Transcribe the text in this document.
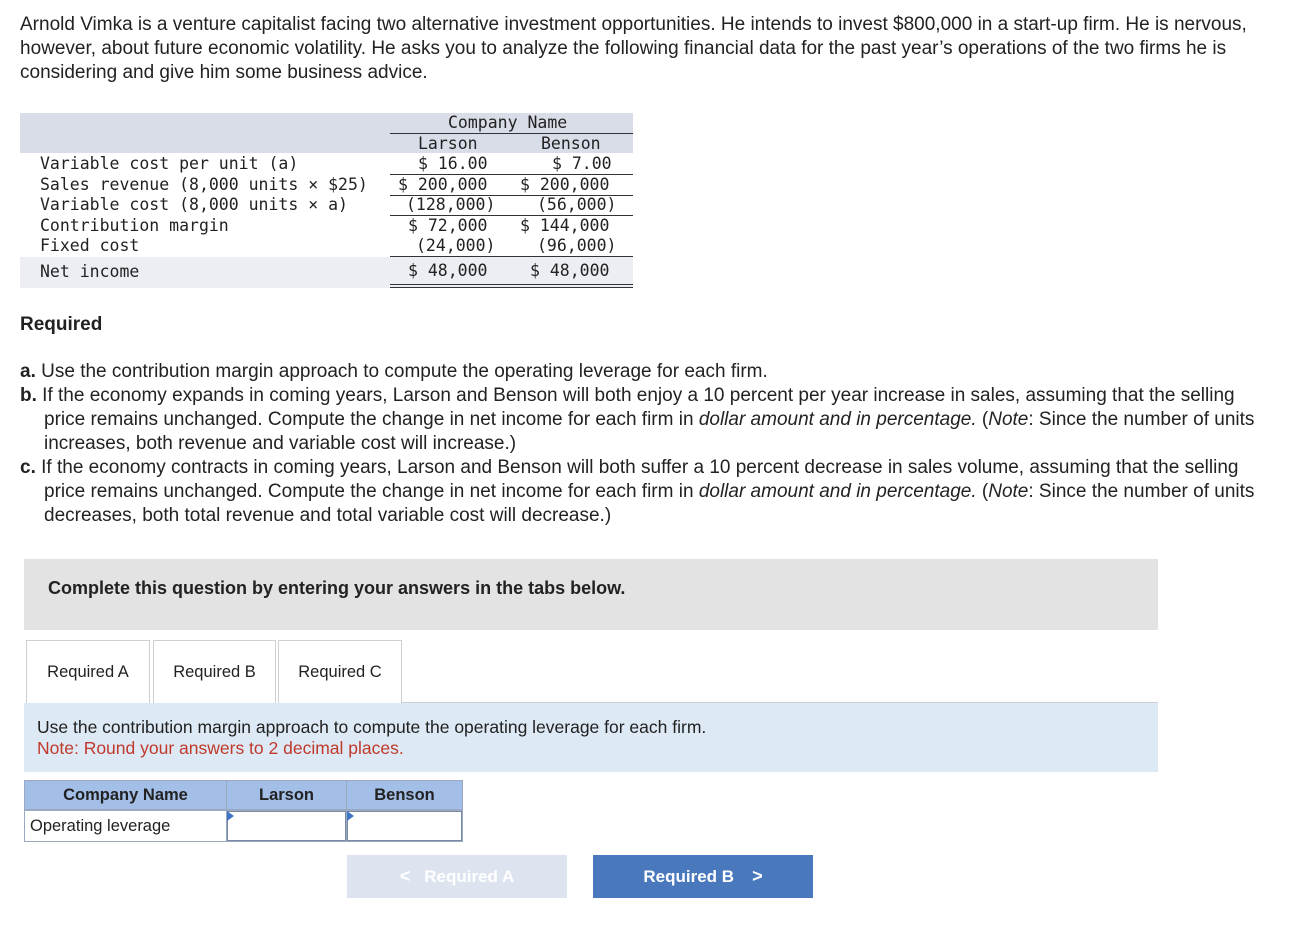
Arnold Vimka is a venture capitalist facing two alternative investment opportunities. He intends to invest $800,000 in a start-up firm. He is nervous, however, about future economic volatility. He asks you to analyze the following financial data for the past year’s operations of the two firms he is considering and give him some business advice.
Company Name
Larson	Benson
Variable cost per unit (a)	$ 16.00	$ 7.00
Sales revenue (8,000 units × $25) $ 200,000 $ 200,000
Variable cost (8,000 units × a)	(128,000)	(56,000)
Contribution margin	$ 72,000 $ 144,000
Fixed cost	(24,000)	(96,000)
Net income	$ 48,000	$ 48,000
Required
a. Use the contribution margin approach to compute the operating leverage for each firm.
b. If the economy expands in coming years, Larson and Benson will both enjoy a 10 percent per year increase in sales, assuming that the selling price remains unchanged. Compute the change in net income for each firm in dollar amount and in percentage. (Note: Since the number of units increases, both revenue and variable cost will increase.)
c. If the economy contracts in coming years, Larson and Benson will both suffer a 10 percent decrease in sales volume, assuming that the selling price remains unchanged. Compute the change in net income for each firm in dollar amount and in percentage. (Note: Since the number of units decreases, both total revenue and total variable cost will decrease.)
Complete this question by entering your answers in the tabs below.
Required A	Required B	Required C
Use the contribution margin approach to compute the operating leverage for each firm.
Note: Round your answers to 2 decimal places.
Company Name	Larson	Benson
Operating leverage
< Required A	Required B >
